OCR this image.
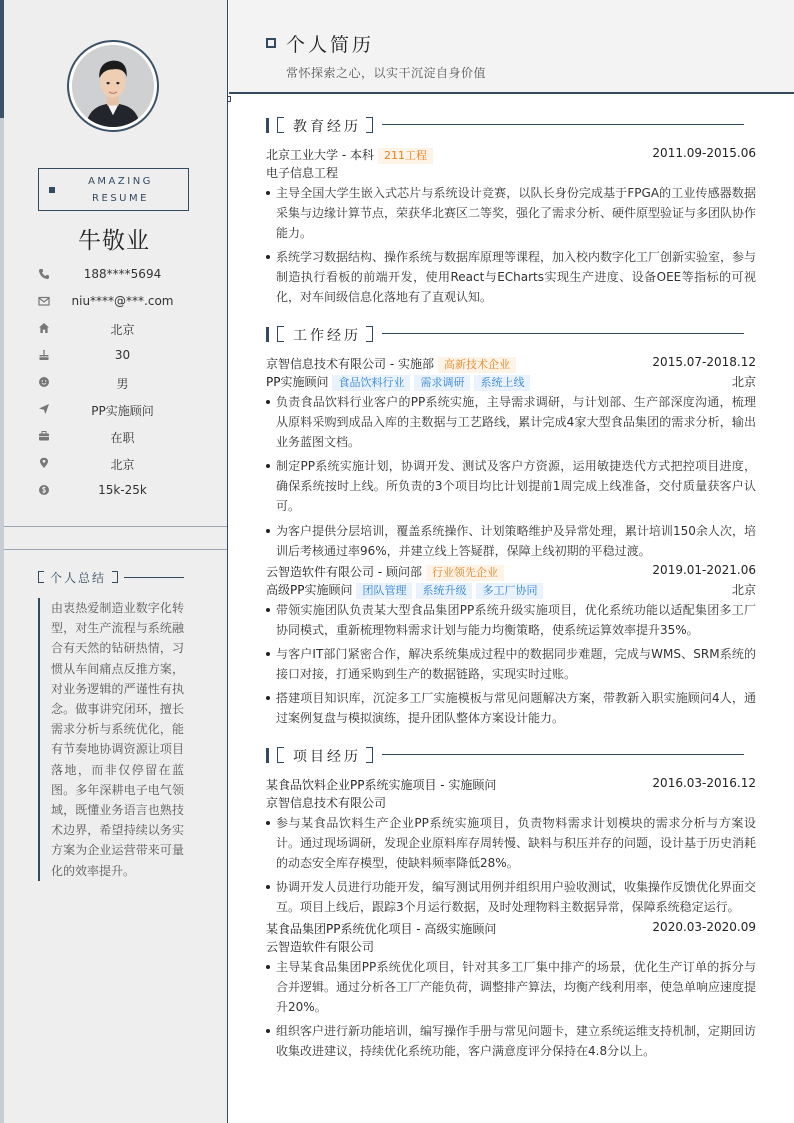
AMAZING
RESUME
牛敬业
188****5694
niu****@***.com
北京
30
男
PP实施顾问
在职
北京
15k-25k
个人总结
由衷热爱制造业数字化转型，对生产流程与系统融合有天然的钻研热情，习惯从车间痛点反推方案，对业务逻辑的严谨性有执念。做事讲究闭环，擅长需求分析与系统优化，能有节奏地协调资源让项目落地，而非仅停留在蓝图。多年深耕电子电气领域，既懂业务语言也熟技术边界，希望持续以务实方案为企业运营带来可量化的效率提升。
个人简历
常怀探索之心，以实干沉淀自身价值
教育经历
北京工业大学 - 本科 211工程	2011.09-2015.06
电子信息工程
主导全国大学生嵌入式芯片与系统设计竞赛，以队长身份完成基于FPGA的工业传感器数据采集与边缘计算节点，荣获华北赛区二等奖，强化了需求分析、硬件原型验证与多团队协作能力。
系统学习数据结构、操作系统与数据库原理等课程，加入校内数字化工厂创新实验室，参与制造执行看板的前端开发，使用React与ECharts实现生产进度、设备OEE等指标的可视化，对车间级信息化落地有了直观认知。
工作经历
京智信息技术有限公司 - 实施部 高新技术企业	2015.07-2018.12
PP实施顾问 食品饮料行业 需求调研 系统上线	北京
负责食品饮料行业客户的PP系统实施，主导需求调研，与计划部、生产部深度沟通，梳理从原料采购到成品入库的主数据与工艺路线，累计完成4家大型食品集团的需求分析，输出业务蓝图文档。
制定PP系统实施计划，协调开发、测试及客户方资源，运用敏捷迭代方式把控项目进度，确保系统按时上线。所负责的3个项目均比计划提前1周完成上线准备，交付质量获客户认可。
为客户提供分层培训，覆盖系统操作、计划策略维护及异常处理，累计培训150余人次，培训后考核通过率96%，并建立线上答疑群，保障上线初期的平稳过渡。
云智造软件有限公司 - 顾问部 行业领先企业	2019.01-2021.06
高级PP实施顾问 团队管理 系统升级 多工厂协同	北京
带领实施团队负责某大型食品集团PP系统升级实施项目，优化系统功能以适配集团多工厂协同模式，重新梳理物料需求计划与能力均衡策略，使系统运算效率提升35%。
与客户IT部门紧密合作，解决系统集成过程中的数据同步难题，完成与WMS、SRM系统的接口对接，打通采购到生产的数据链路，实现实时过账。
搭建项目知识库，沉淀多工厂实施模板与常见问题解决方案，带教新入职实施顾问4人，通过案例复盘与模拟演练，提升团队整体方案设计能力。
项目经历
某食品饮料企业PP系统实施项目 - 实施顾问	2016.03-2016.12
京智信息技术有限公司
参与某食品饮料生产企业PP系统实施项目，负责物料需求计划模块的需求分析与方案设计。通过现场调研，发现企业原料库存周转慢、缺料与积压并存的问题，设计基于历史消耗的动态安全库存模型，使缺料频率降低28%。
协调开发人员进行功能开发，编写测试用例并组织用户验收测试，收集操作反馈优化界面交互。项目上线后，跟踪3个月运行数据，及时处理物料主数据异常，保障系统稳定运行。
某食品集团PP系统优化项目 - 高级实施顾问	2020.03-2020.09
云智造软件有限公司
主导某食品集团PP系统优化项目，针对其多工厂集中排产的场景，优化生产订单的拆分与合并逻辑。通过分析各工厂产能负荷，调整排产算法，均衡产线利用率，使急单响应速度提升20%。
组织客户进行新功能培训，编写操作手册与常见问题卡，建立系统运维支持机制，定期回访收集改进建议，持续优化系统功能，客户满意度评分保持在4.8分以上。
